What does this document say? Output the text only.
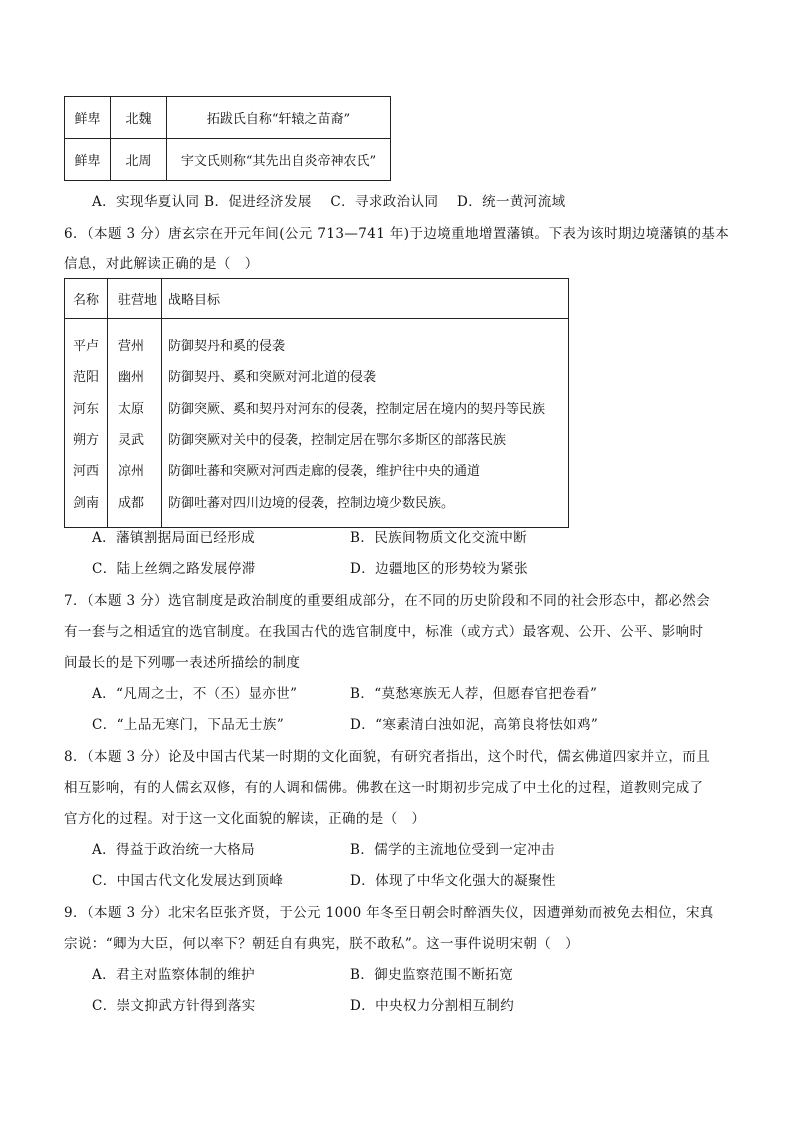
鲜卑	北魏	拓跋氏自称“轩辕之苗裔”
鲜卑	北周	宇文氏则称“其先出自炎帝神农氏”
A．实现华夏认同 B．促进经济发展　 C．寻求政治认同　 D．统一黄河流域
6．（本题 3 分）唐玄宗在开元年间(公元 713—741 年)于边境重地增置藩镇。下表为该时期边境藩镇的基本
信息，对此解读正确的是（　）
名称	驻营地	战略目标
平卢	营州	防御契丹和奚的侵袭
范阳	幽州	防御契丹、奚和突厥对河北道的侵袭
河东	太原	防御突厥、奚和契丹对河东的侵袭，控制定居在境内的契丹等民族
朔方	灵武	防御突厥对关中的侵袭，控制定居在鄂尔多斯区的部落民族
河西	凉州	防御吐蕃和突厥对河西走廊的侵袭，维护往中央的通道
剑南	成都	防御吐蕃对四川边境的侵袭，控制边境少数民族。
A．藩镇割据局面已经形成	B．民族间物质文化交流中断
C．陆上丝绸之路发展停滞	D．边疆地区的形势较为紧张
7．（本题 3 分）选官制度是政治制度的重要组成部分，在不同的历史阶段和不同的社会形态中，都必然会
有一套与之相适宜的选官制度。在我国古代的选官制度中，标准（或方式）最客观、公开、公平、影响时
间最长的是下列哪一表述所描绘的制度
A．“凡周之士，不（丕）显亦世”	B．“莫愁寒族无人荐，但愿春官把卷看”
C．“上品无寒门，下品无士族”	D．“寒素清白浊如泥，高第良将怯如鸡”
8．（本题 3 分）论及中国古代某一时期的文化面貌，有研究者指出，这个时代，儒玄佛道四家并立，而且
相互影响，有的人儒玄双修，有的人调和儒佛。佛教在这一时期初步完成了中土化的过程，道教则完成了
官方化的过程。对于这一文化面貌的解读，正确的是（　）
A．得益于政治统一大格局	B．儒学的主流地位受到一定冲击
C．中国古代文化发展达到顶峰	D．体现了中华文化强大的凝聚性
9．（本题 3 分）北宋名臣张齐贤，于公元 1000 年冬至日朝会时醉酒失仪，因遭弹劾而被免去相位，宋真
宗说：“卿为大臣，何以率下？朝廷自有典宪，朕不敢私”。这一事件说明宋朝（　）
A．君主对监察体制的维护	B．御史监察范围不断拓宽
C．崇文抑武方针得到落实	D．中央权力分割相互制约
